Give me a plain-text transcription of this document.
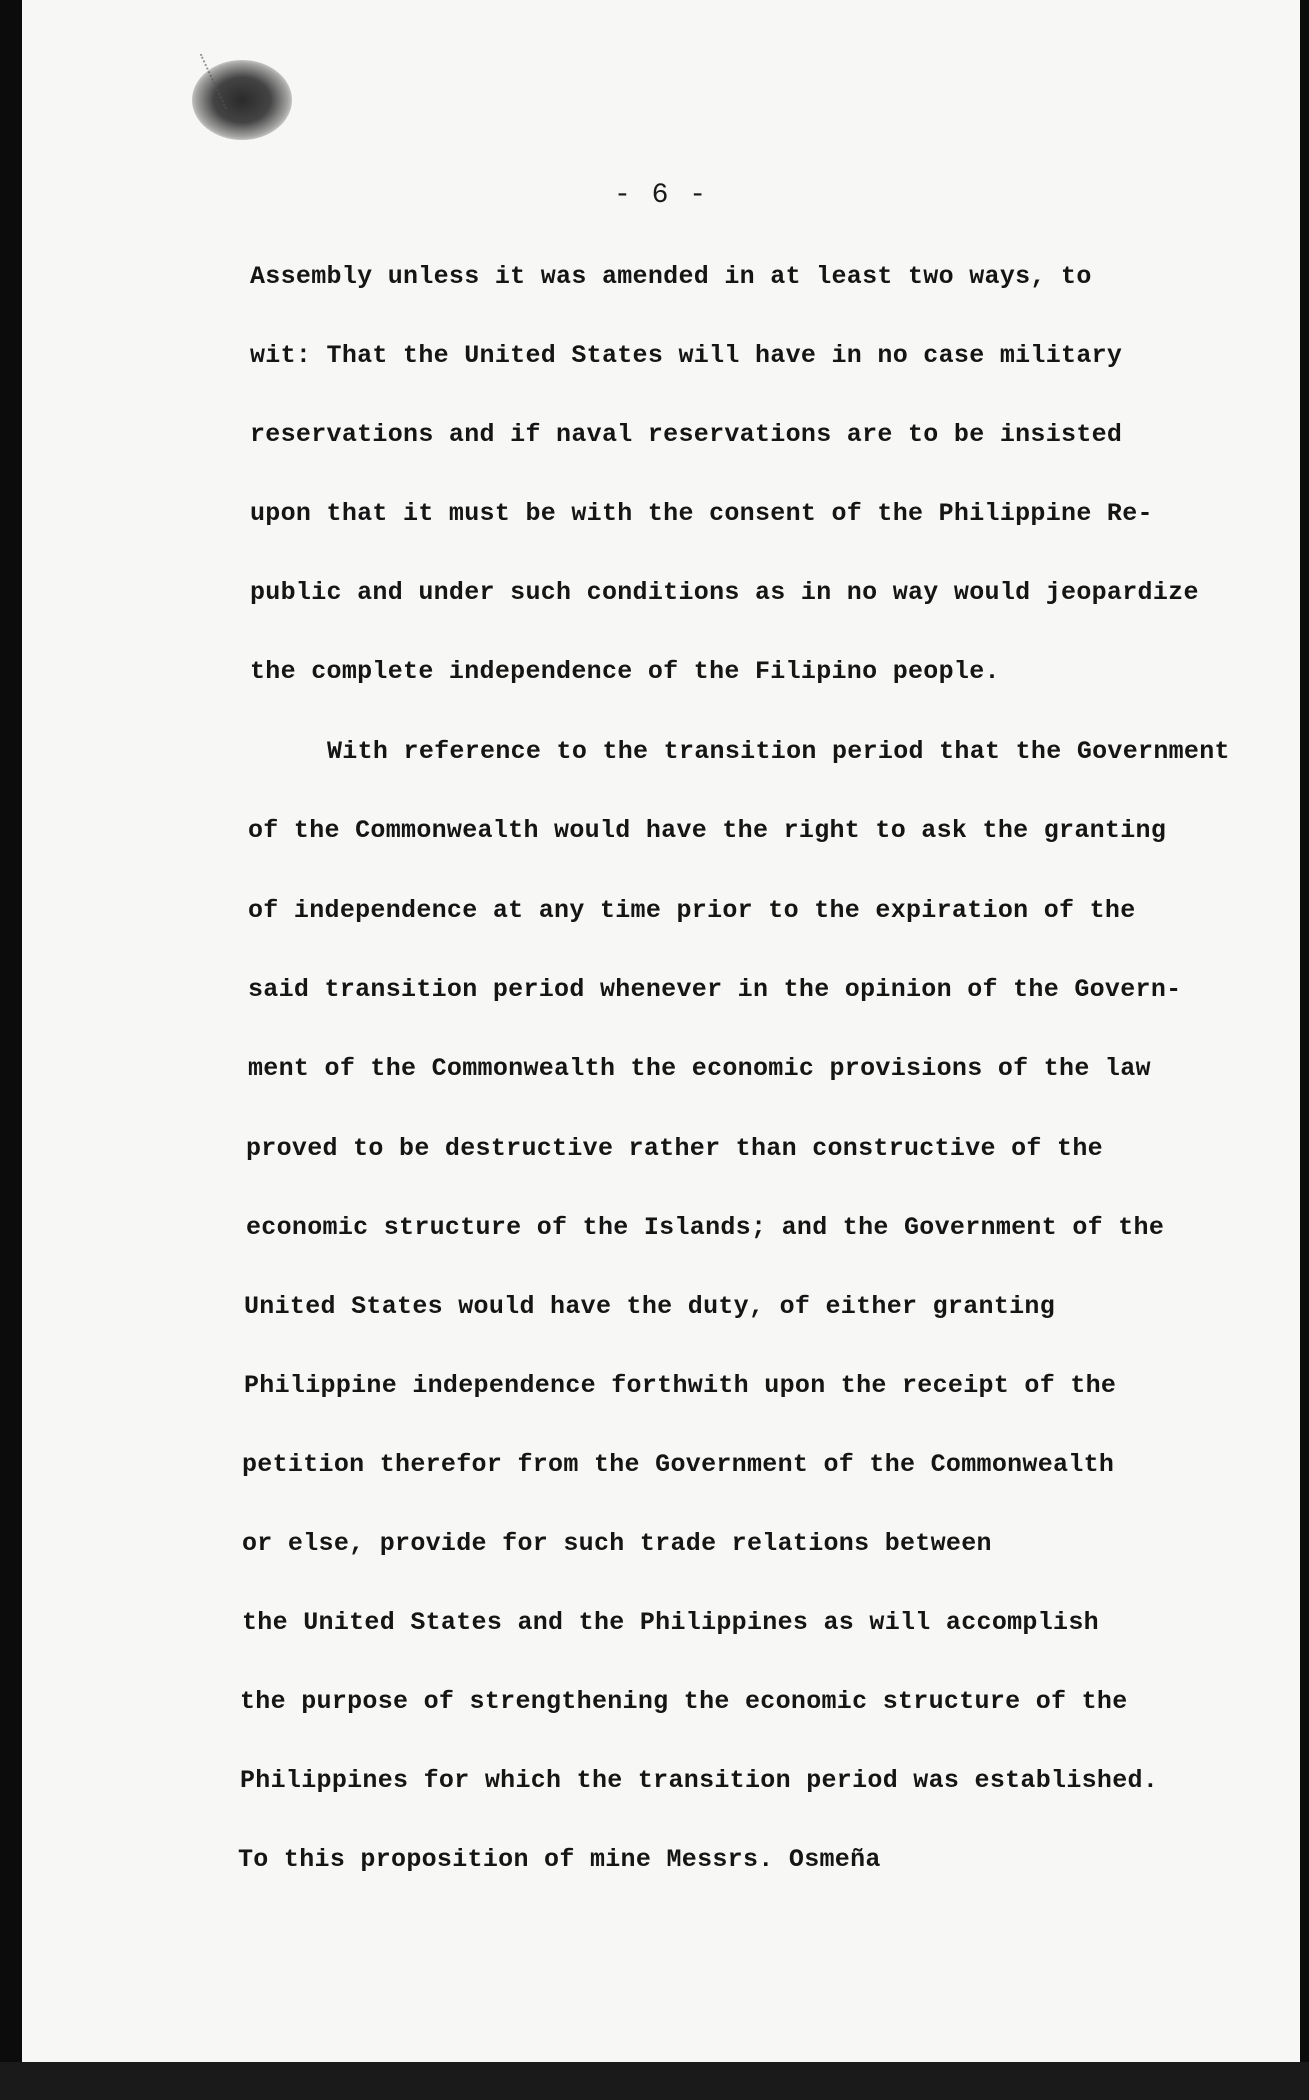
- 6 -
Assembly unless it was amended in at least two ways, to
wit: That the United States will have in no case military
reservations and if naval reservations are to be insisted
upon that it must be with the consent of the Philippine Re-
public and under such conditions as in no way would jeopardize
the complete independence of the Filipino people.
With reference to the transition period that the Government
of the Commonwealth would have the right to ask the granting
of independence at any time prior to the expiration of the
said transition period whenever in the opinion of the Govern-
ment of the Commonwealth the economic provisions of the law
proved to be destructive rather than constructive of the
economic structure of the Islands; and the Government of the
United States would have the duty, of either granting
Philippine independence forthwith upon the receipt of the
petition therefor from the Government of the Commonwealth
or else, provide for such trade relations between
the United States and the Philippines as will accomplish
the purpose of strengthening the economic structure of the
Philippines for which the transition period was established.
To this proposition of mine Messrs. Osmeña
